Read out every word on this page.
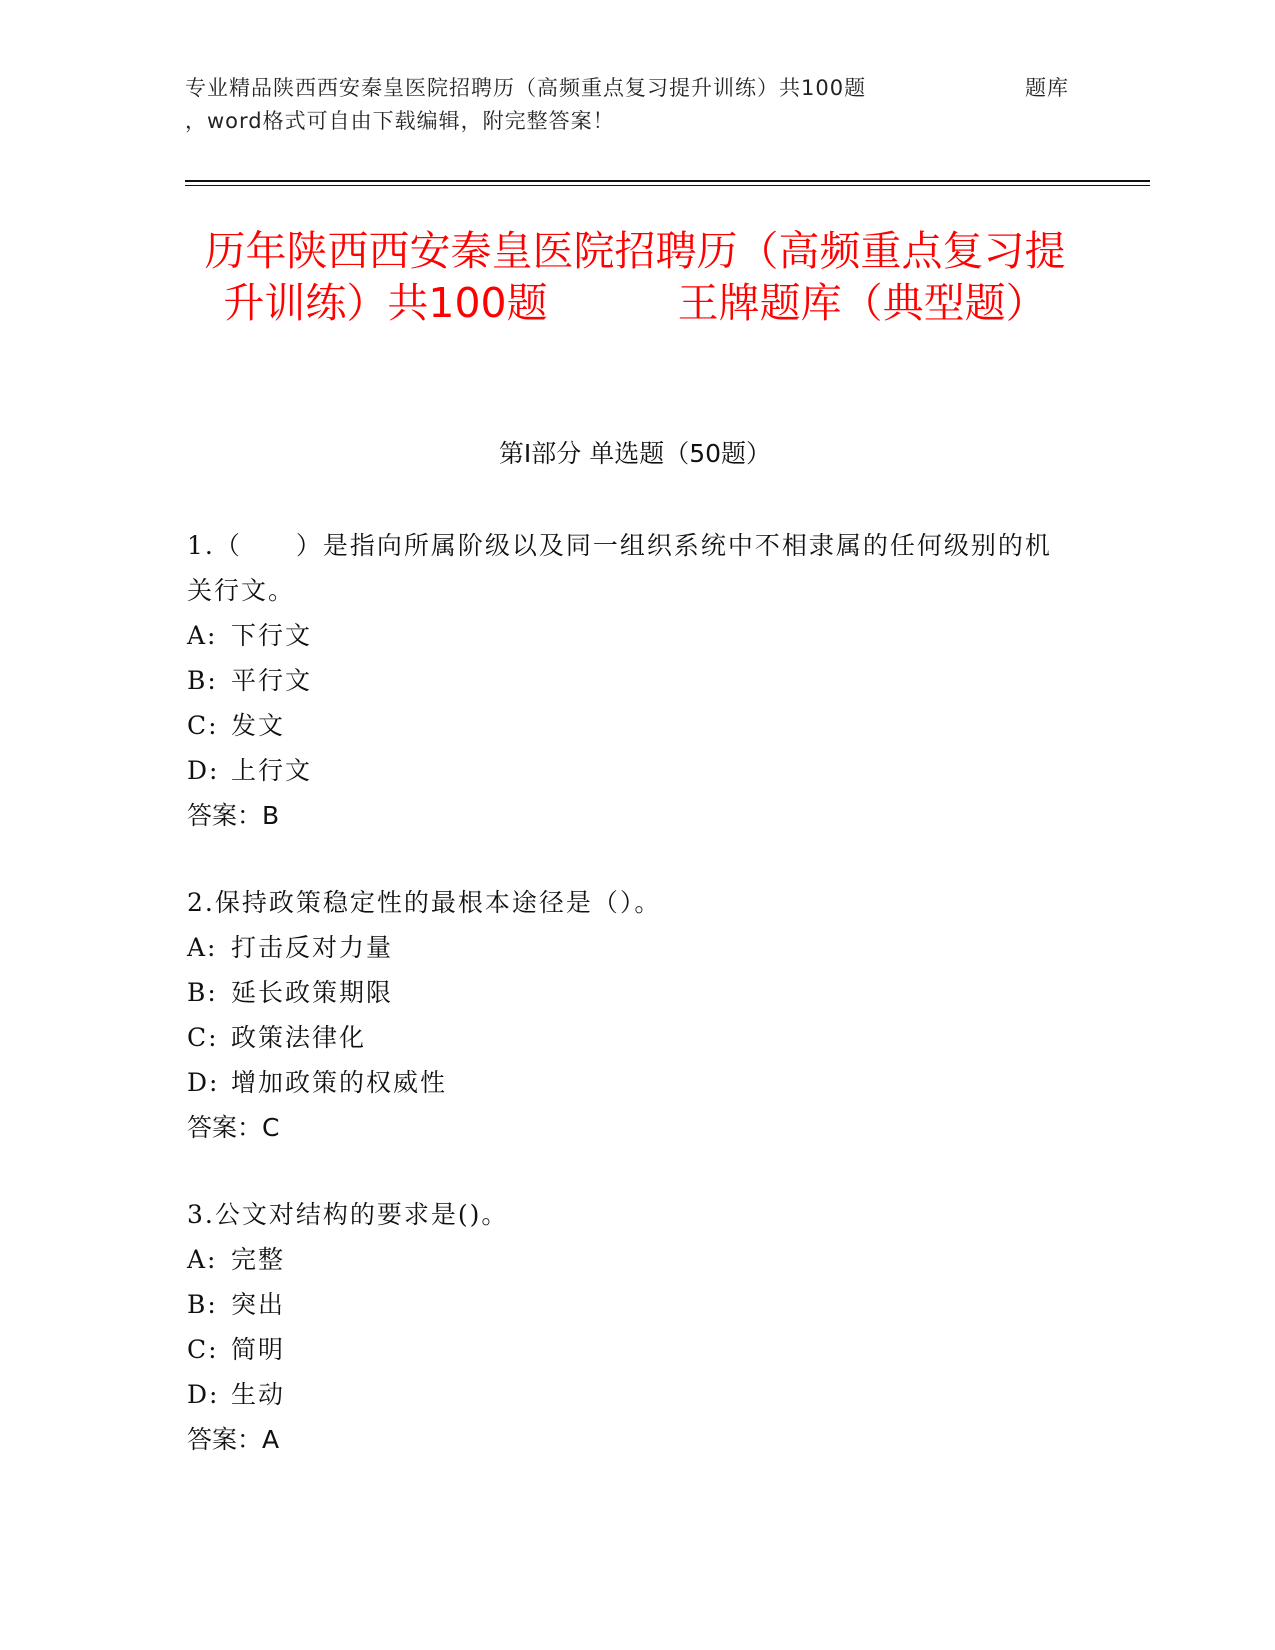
专业精品陕西西安秦皇医院招聘历（高频重点复习提升训练）共100题	题库
，word格式可自由下载编辑，附完整答案！
历年陕西西安秦皇医院招聘历（高频重点复习提升训练）共100题	王牌题库（典型题）
第Ⅰ部分 单选题（50题）
1.（　　）是指向所属阶级以及同一组织系统中不相隶属的任何级别的机关行文。
A: 下行文
B: 平行文
C: 发文
D: 上行文
答案：B
2.保持政策稳定性的最根本途径是（）。
A: 打击反对力量
B: 延长政策期限
C: 政策法律化
D: 增加政策的权威性
答案：C
3.公文对结构的要求是()。
A: 完整
B: 突出
C: 简明
D: 生动
答案：A
